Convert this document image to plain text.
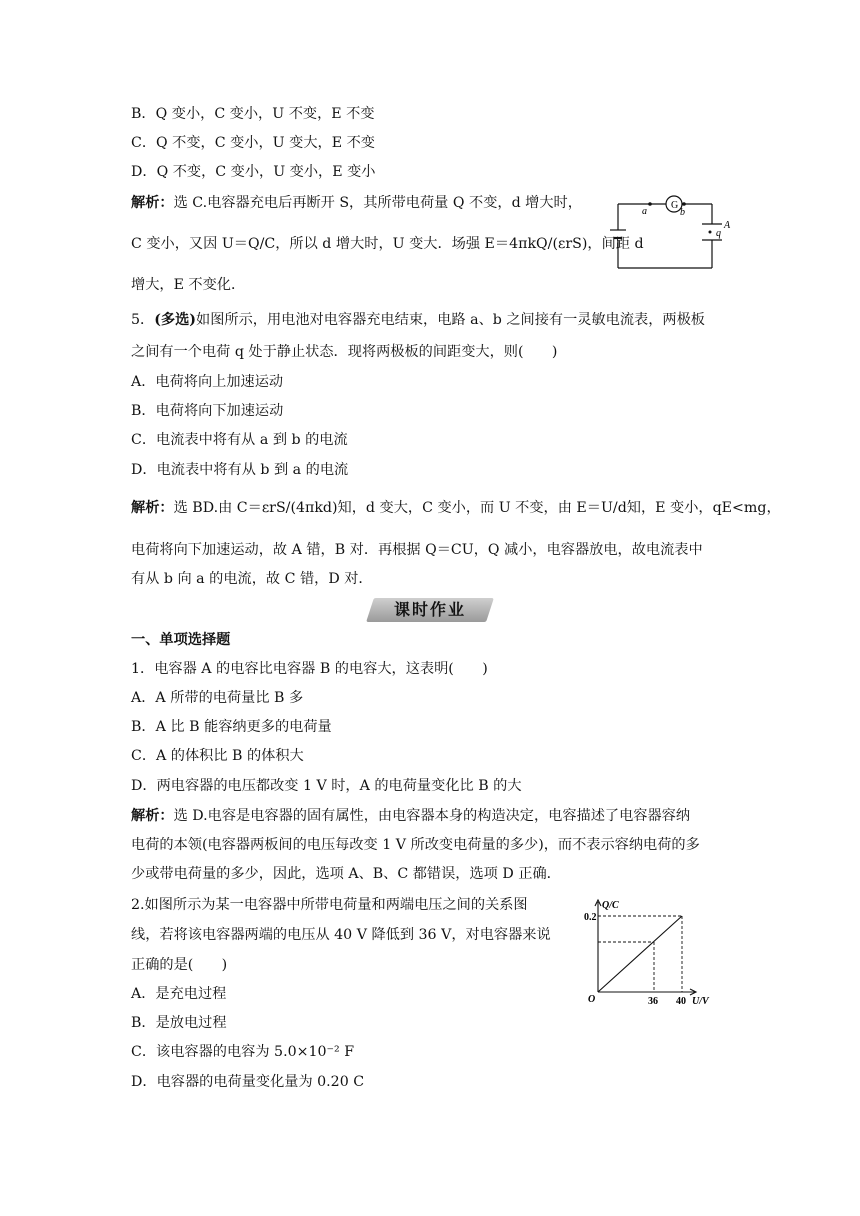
B．Q 变小，C 变小，U 不变，E 不变
C．Q 不变，C 变小，U 变大，E 不变
D．Q 不变，C 变小，U 变小，E 变小
解析：选 C.电容器充电后再断开 S，其所带电荷量 Q 不变，d 增大时，
C 变小，又因 U＝Q/C，所以 d 增大时，U 变大．场强 E＝4πkQ/(εrS)，间距 d
增大，E 不变化．
G
a	b
q
A
5．(多选)如图所示，用电池对电容器充电结束，电路 a、b 之间接有一灵敏电流表，两极板
之间有一个电荷 q 处于静止状态．现将两极板的间距变大，则(　　)
A．电荷将向上加速运动
B．电荷将向下加速运动
C．电流表中将有从 a 到 b 的电流
D．电流表中将有从 b 到 a 的电流
解析：选 BD.由 C＝εrS/(4πkd)知，d 变大，C 变小，而 U 不变，由 E＝U/d知，E 变小，qE<mg，
电荷将向下加速运动，故 A 错，B 对．再根据 Q＝CU，Q 减小，电容器放电，故电流表中
有从 b 向 a 的电流，故 C 错，D 对．
课时作业
一、单项选择题
1．电容器 A 的电容比电容器 B 的电容大，这表明(　　)
A．A 所带的电荷量比 B 多
B．A 比 B 能容纳更多的电荷量
C．A 的体积比 B 的体积大
D．两电容器的电压都改变 1 V 时，A 的电荷量变化比 B 的大
解析：选 D.电容是电容器的固有属性，由电容器本身的构造决定，电容描述了电容器容纳
电荷的本领(电容器两板间的电压每改变 1 V 所改变电荷量的多少)，而不表示容纳电荷的多
少或带电荷量的多少，因此，选项 A、B、C 都错误，选项 D 正确．
2.如图所示为某一电容器中所带电荷量和两端电压之间的关系图
线，若将该电容器两端的电压从 40 V 降低到 36 V，对电容器来说
正确的是(　　)
A．是充电过程
B．是放电过程
C．该电容器的电容为 5.0×10⁻² F
D．电容器的电荷量变化量为 0.20 C
Q/C
U/V
O
0.2
36 40
